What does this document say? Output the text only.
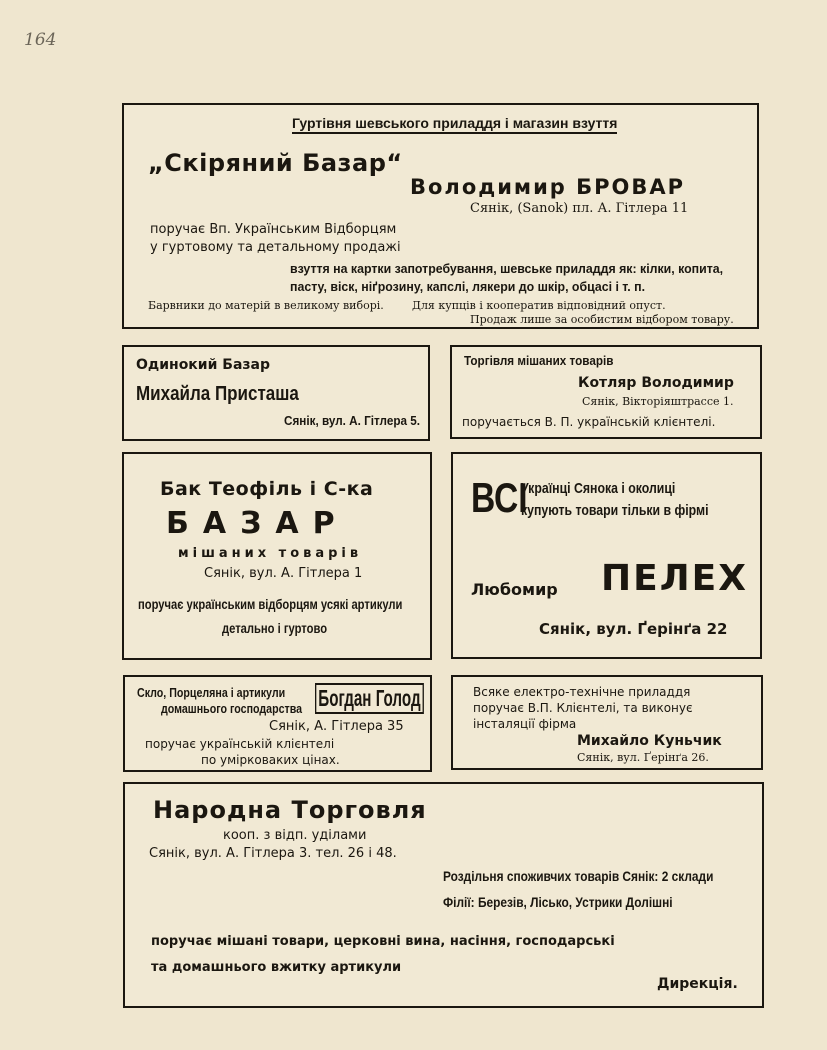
164
Гуртівня шевського приладдя і магазин взуття
„Скіряний Базар“
Володимир БРОВАР
Сянік, (Sanok) пл. А. Гітлера 11
поручає Вп. Українським Відборцям
у гуртовому та детальному продажі
взуття на картки запотребування, шевське приладдя як: кілки, копита,
пасту, віск, ніґрозину, капслі, лякери до шкір, обцасі і т. п.
Барвники до матерій в великому виборі.	Для купців і кооператив відповідний опуст.
Продаж лише за особистим відбором товару.
Одинокий Базар
Михайла Присташа
Сянік, вул. А. Гітлера 5.
Торгівля мішаних товарів
Котляр Володимир
Сянік, Вікторіяштрассе 1.
поручається В. П. українській клієнтелі.
Бак Теофіль і С-ка
БАЗАР
мішаних товарів
Сянік, вул. А. Гітлера 1
поручає українським відборцям усякі артикули
детально і гуртово
ВСІ
Українці Сянока і околиці
купують товари тільки в фірмі
Любомир ПЕЛЕХ
Сянік, вул. Ґерінґа 22
Скло, Порцеляна і артикули
домашнього господарства Богдан Голод
Сянік, А. Гітлера 35
поручає українській клієнтелі
по умірковаких цінах.
Всяке електро-технічне приладдя
поручає В.П. Клієнтелі, та виконує
інсталяції фірма
Михайло Куньчик
Сянік, вул. Ґерінґа 26.
Народна Торговля
кооп. з відп. уділами
Сянік, вул. А. Гітлера 3. тел. 26 і 48.
Роздільня споживчих товарів Сянік: 2 склади
Філії: Березів, Лісько, Устрики Долішні
поручає мішані товари, церковні вина, насіння, господарські
та домашнього вжитку артикули
Дирекція.
